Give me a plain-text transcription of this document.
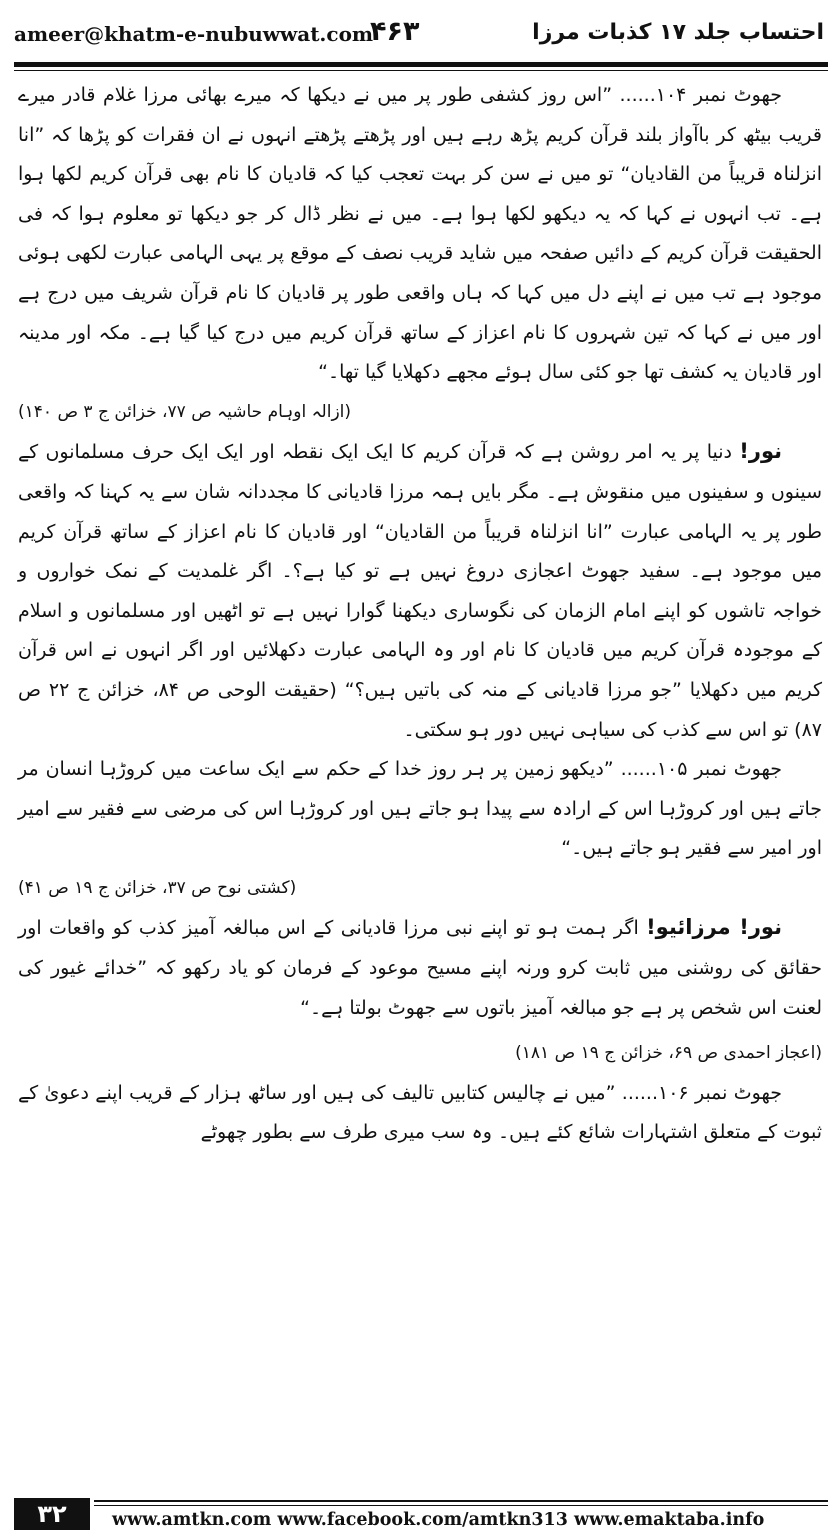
ameer@khatm-e-nubuwwat.com
۴۶۳	احتساب جلد ۱۷ کذبات مرزا

جھوٹ نمبر ۱۰۴...... ”اس روز کشفی طور پر میں نے دیکھا کہ میرے بھائی مرزا غلام قادر میرے قریب بیٹھ کر باآواز بلند قرآن کریم پڑھ رہے ہیں اور پڑھتے پڑھتے انہوں نے ان فقرات کو پڑھا کہ ”انا انزلناہ قریباً من القادیان“ تو میں نے سن کر بہت تعجب کیا کہ قادیان کا نام بھی قرآن کریم لکھا ہوا ہے۔ تب انہوں نے کہا کہ یہ دیکھو لکھا ہوا ہے۔ میں نے نظر ڈال کر جو دیکھا تو معلوم ہوا کہ فی الحقیقت قرآن کریم کے دائیں صفحہ میں شاید قریب نصف کے موقع پر یہی الہامی عبارت لکھی ہوئی موجود ہے تب میں نے اپنے دل میں کہا کہ ہاں واقعی طور پر قادیان کا نام قرآن شریف میں درج ہے اور میں نے کہا کہ تین شہروں کا نام اعزاز کے ساتھ قرآن کریم میں درج کیا گیا ہے۔ مکہ اور مدینہ اور قادیان یہ کشف تھا جو کئی سال ہوئے مجھے دکھلایا گیا تھا۔“

(ازالہ اوہام حاشیہ ص ۷۷، خزائن ج ۳ ص ۱۴۰)

نور! دنیا پر یہ امر روشن ہے کہ قرآن کریم کا ایک ایک نقطہ اور ایک ایک حرف مسلمانوں کے سینوں و سفینوں میں منقوش ہے۔ مگر بایں ہمہ مرزا قادیانی کا مجددانہ شان سے یہ کہنا کہ واقعی طور پر یہ الہامی عبارت ”انا انزلناہ قریباً من القادیان“ اور قادیان کا نام اعزاز کے ساتھ قرآن کریم میں موجود ہے۔ سفید جھوٹ اعجازی دروغ نہیں ہے تو کیا ہے؟۔ اگر غلمدیت کے نمک خواروں و خواجہ تاشوں کو اپنے امام الزمان کی نگوساری دیکھنا گوارا نہیں ہے تو اٹھیں اور مسلمانوں و اسلام کے موجودہ قرآن کریم میں قادیان کا نام اور وہ الہامی عبارت دکھلائیں اور اگر انہوں نے اس قرآن کریم میں دکھلایا ”جو مرزا قادیانی کے منہ کی باتیں ہیں؟“ (حقیقت الوحی ص ۸۴، خزائن ج ۲۲ ص ۸۷) تو اس سے کذب کی سیاہی نہیں دور ہو سکتی۔

جھوٹ نمبر ۱۰۵...... ”دیکھو زمین پر ہر روز خدا کے حکم سے ایک ساعت میں کروڑہا انسان مر جاتے ہیں اور کروڑہا اس کے ارادہ سے پیدا ہو جاتے ہیں اور کروڑہا اس کی مرضی سے فقیر سے امیر اور امیر سے فقیر ہو جاتے ہیں۔“

(کشتی نوح ص ۳۷، خزائن ج ۱۹ ص ۴۱)

نور! مرزائیو! اگر ہمت ہو تو اپنے نبی مرزا قادیانی کے اس مبالغہ آمیز کذب کو واقعات اور حقائق کی روشنی میں ثابت کرو ورنہ اپنے مسیح موعود کے فرمان کو یاد رکھو کہ ”خدائے غیور کی لعنت اس شخص پر ہے جو مبالغہ آمیز باتوں سے جھوٹ بولتا ہے۔“

(اعجاز احمدی ص ۶۹، خزائن ج ۱۹ ص ۱۸۱)

جھوٹ نمبر ۱۰۶...... ”میں نے چالیس کتابیں تالیف کی ہیں اور ساٹھ ہزار کے قریب اپنے دعویٰ کے ثبوت کے متعلق اشتہارات شائع کئے ہیں۔ وہ سب میری طرف سے بطور چھوٹے

۳۲	www.amtkn.com www.facebook.com/amtkn313 www.emaktaba.info
